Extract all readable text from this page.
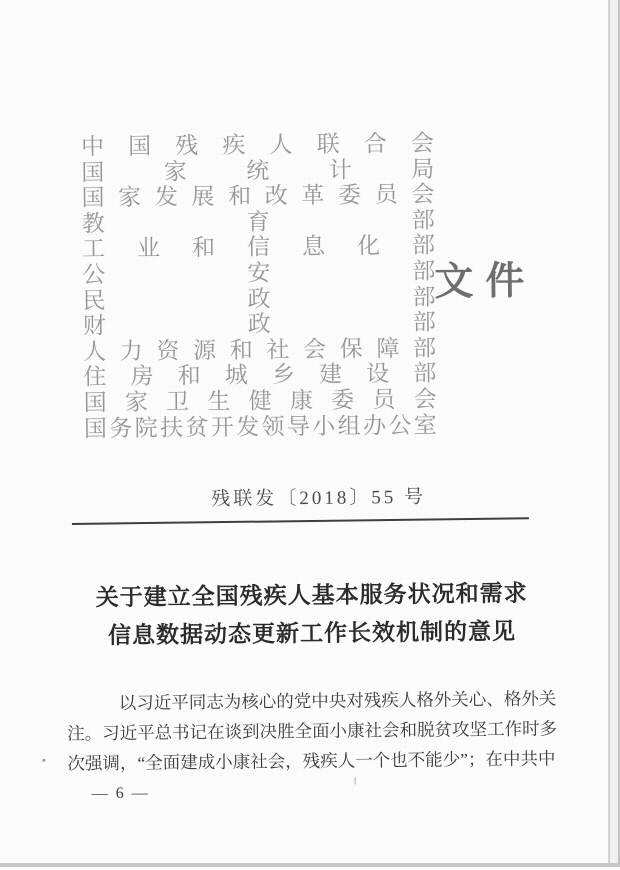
中 国 残 疾 人 联 合 会
国	家	统	计	局
国 家 发 展 和 改 革 委 员 会
教	育	部
工 业 和 信 息 化 部
公	安	部
民	政	部
财	政	部
人 力 资 源 和 社 会 保 障 部
住 房 和 城 乡 建 设 部
国 家 卫 生 健 康 委 员 会
国 务 院 扶 贫 开 发 领 导 小 组 办 公 室
文件
残联发〔2018〕55 号
关于建立全国残疾人基本服务状况和需求
信息数据动态更新工作长效机制的意见
以 习 近 平 同 志 为 核 心 的 党 中 央 对 残 疾 人 格 外 关 心 、 格 外 关
注 。 习 近 平 总 书 记 在 谈 到 决 胜 全 面 小 康 社 会 和 脱 贫 攻 坚 工 作 时 多
次 强 调 ， “ 全 面 建 成 小 康 社 会 ， 残 疾 人 一 个 也 不 能 少 ” ； 在 中 共 中
— 6 —
